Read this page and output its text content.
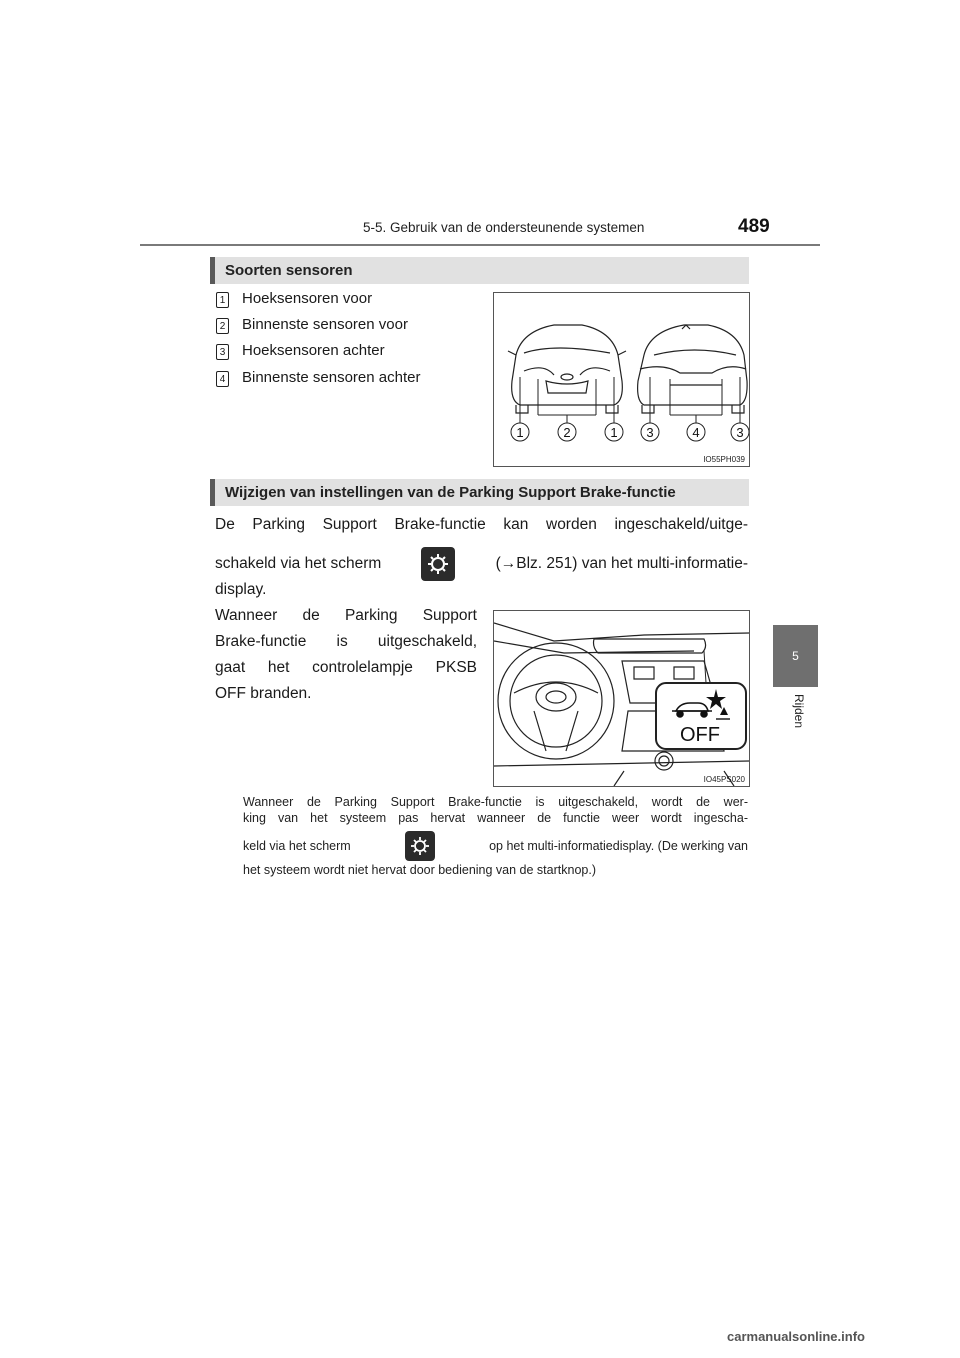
5-5. Gebruik van de ondersteunende systemen	489
5
Rijden
Soorten sensoren
1 Hoeksensoren voor
2 Binnenste sensoren voor
3 Hoeksensoren achter
4 Binnenste sensoren achter
1	2	1 3	4	3
IO55PH039
Wijzigen van instellingen van de Parking Support Brake-functie
De Parking Support Brake-functie kan worden ingeschakeld/uitge-
schakeld via het scherm	(→Blz. 251) van het multi-informatie-
display.
Wanneer de Parking Support
Brake-functie is uitgeschakeld,
gaat het controlelampje PKSB
OFF branden.
OFF
IO45PS020
Wanneer de Parking Support Brake-functie is uitgeschakeld, wordt de wer-
king van het systeem pas hervat wanneer de functie weer wordt ingescha-
keld via het scherm	op het multi-informatiedisplay. (De werking van
het systeem wordt niet hervat door bediening van de startknop.)
carmanualsonline.info
